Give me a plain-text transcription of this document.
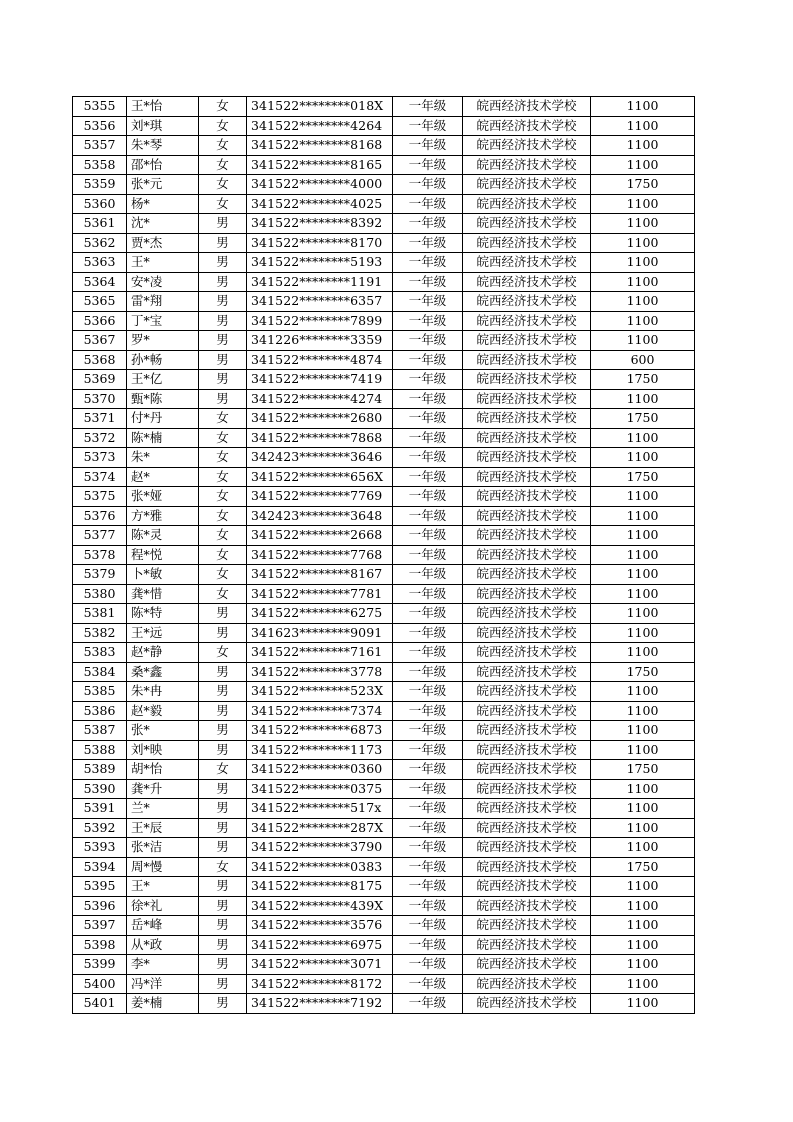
5355	王*怡	女	341522********018X	一年级	皖西经济技术学校	1100
5356	刘*琪	女	341522********4264	一年级	皖西经济技术学校	1100
5357	朱*琴	女	341522********8168	一年级	皖西经济技术学校	1100
5358	邵*怡	女	341522********8165	一年级	皖西经济技术学校	1100
5359	张*元	女	341522********4000	一年级	皖西经济技术学校	1750
5360	杨*	女	341522********4025	一年级	皖西经济技术学校	1100
5361	沈*	男	341522********8392	一年级	皖西经济技术学校	1100
5362	贾*杰	男	341522********8170	一年级	皖西经济技术学校	1100
5363	王*	男	341522********5193	一年级	皖西经济技术学校	1100
5364	安*凌	男	341522********1191	一年级	皖西经济技术学校	1100
5365	雷*翔	男	341522********6357	一年级	皖西经济技术学校	1100
5366	丁*宝	男	341522********7899	一年级	皖西经济技术学校	1100
5367	罗*	男	341226********3359	一年级	皖西经济技术学校	1100
5368	孙*畅	男	341522********4874	一年级	皖西经济技术学校	600
5369	王*亿	男	341522********7419	一年级	皖西经济技术学校	1750
5370	甄*陈	男	341522********4274	一年级	皖西经济技术学校	1100
5371	付*丹	女	341522********2680	一年级	皖西经济技术学校	1750
5372	陈*楠	女	341522********7868	一年级	皖西经济技术学校	1100
5373	朱*	女	342423********3646	一年级	皖西经济技术学校	1100
5374	赵*	女	341522********656X	一年级	皖西经济技术学校	1750
5375	张*娅	女	341522********7769	一年级	皖西经济技术学校	1100
5376	方*雅	女	342423********3648	一年级	皖西经济技术学校	1100
5377	陈*灵	女	341522********2668	一年级	皖西经济技术学校	1100
5378	程*悦	女	341522********7768	一年级	皖西经济技术学校	1100
5379	卜*敏	女	341522********8167	一年级	皖西经济技术学校	1100
5380	龚*惜	女	341522********7781	一年级	皖西经济技术学校	1100
5381	陈*特	男	341522********6275	一年级	皖西经济技术学校	1100
5382	王*远	男	341623********9091	一年级	皖西经济技术学校	1100
5383	赵*静	女	341522********7161	一年级	皖西经济技术学校	1100
5384	桑*鑫	男	341522********3778	一年级	皖西经济技术学校	1750
5385	朱*冉	男	341522********523X	一年级	皖西经济技术学校	1100
5386	赵*毅	男	341522********7374	一年级	皖西经济技术学校	1100
5387	张*	男	341522********6873	一年级	皖西经济技术学校	1100
5388	刘*映	男	341522********1173	一年级	皖西经济技术学校	1100
5389	胡*怡	女	341522********0360	一年级	皖西经济技术学校	1750
5390	龚*升	男	341522********0375	一年级	皖西经济技术学校	1100
5391	兰*	男	341522********517x	一年级	皖西经济技术学校	1100
5392	王*辰	男	341522********287X	一年级	皖西经济技术学校	1100
5393	张*洁	男	341522********3790	一年级	皖西经济技术学校	1100
5394	周*慢	女	341522********0383	一年级	皖西经济技术学校	1750
5395	王*	男	341522********8175	一年级	皖西经济技术学校	1100
5396	徐*礼	男	341522********439X	一年级	皖西经济技术学校	1100
5397	岳*峰	男	341522********3576	一年级	皖西经济技术学校	1100
5398	从*政	男	341522********6975	一年级	皖西经济技术学校	1100
5399	李*	男	341522********3071	一年级	皖西经济技术学校	1100
5400	冯*洋	男	341522********8172	一年级	皖西经济技术学校	1100
5401	姜*楠	男	341522********7192	一年级	皖西经济技术学校	1100
